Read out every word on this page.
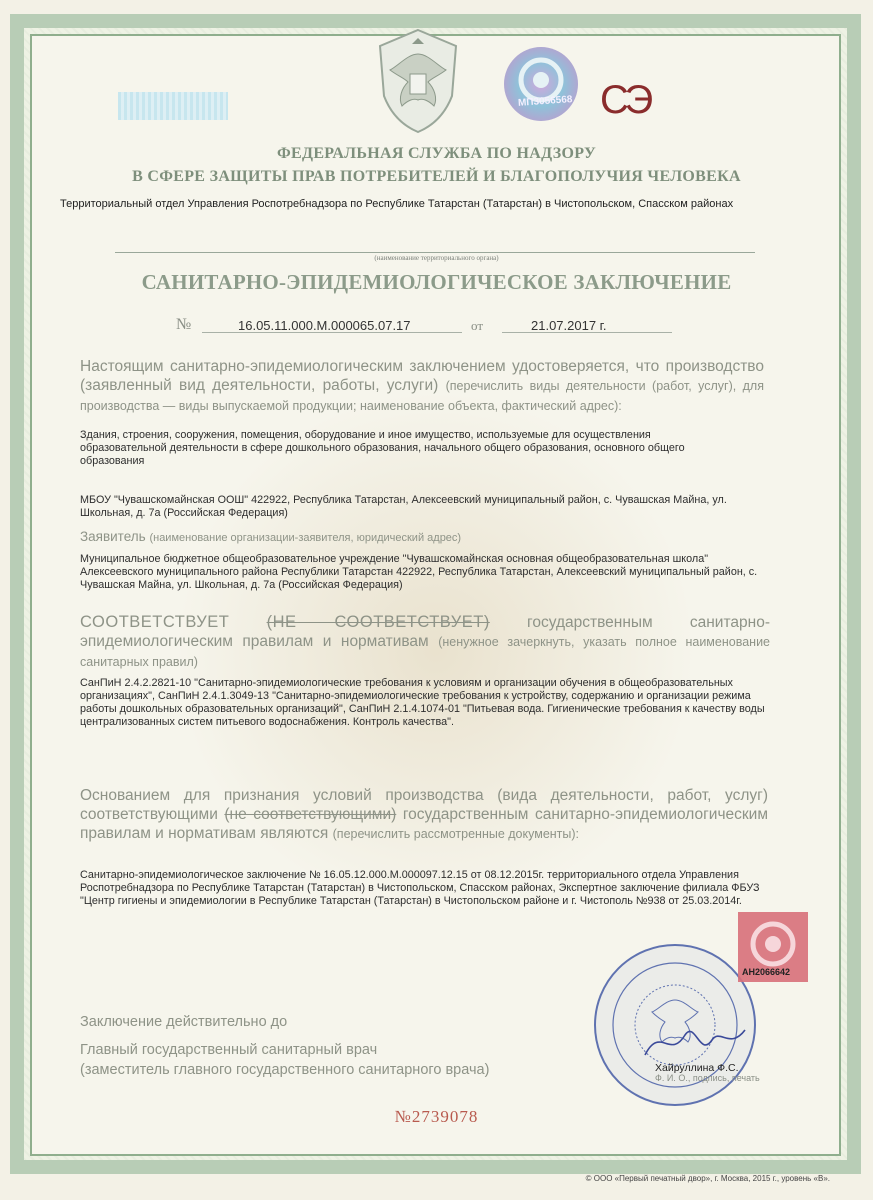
МП3056568 СЭ
ФЕДЕРАЛЬНАЯ СЛУЖБА ПО НАДЗОРУ
В СФЕРЕ ЗАЩИТЫ ПРАВ ПОТРЕБИТЕЛЕЙ И БЛАГОПОЛУЧИЯ ЧЕЛОВЕКА
Территориальный отдел Управления Роспотребнадзора по Республике Татарстан (Татарстан) в Чистопольском, Спасском районах
(наименование территориального органа)
САНИТАРНО-ЭПИДЕМИОЛОГИЧЕСКОЕ ЗАКЛЮЧЕНИЕ
№	16.05.11.000.М.000065.07.17	от	21.07.2017 г.
Настоящим санитарно-эпидемиологическим заключением удостоверяется, что производство (заявленный вид деятельности, работы, услуги) (перечислить виды деятельности (работ, услуг), для производства — виды выпускаемой продукции; наименование объекта, фактический адрес):
Здания, строения, сооружения, помещения, оборудование и иное имущество, используемые для осуществления образовательной деятельности в сфере дошкольного образования, начального общего образования, основного общего образования
МБОУ "Чувашскомайнская ООШ" 422922, Республика Татарстан, Алексеевский муниципальный район, с. Чувашская Майна, ул. Школьная, д. 7а (Российская Федерация)
Заявитель (наименование организации-заявителя, юридический адрес)
Муниципальное бюджетное общеобразовательное учреждение "Чувашскомайнская основная общеобразовательная школа" Алексеевского муниципального района Республики Татарстан 422922, Республика Татарстан, Алексеевский муниципальный район, с. Чувашская Майна, ул. Школьная, д. 7а (Российская Федерация)
СООТВЕТСТВУЕТ (НЕ СООТВЕТСТВУЕТ) государственным санитарно-эпидемиологическим правилам и нормативам (ненужное зачеркнуть, указать полное наименование санитарных правил)
СанПиН 2.4.2.2821-10 "Санитарно-эпидемиологические требования к условиям и организации обучения в общеобразовательных организациях", СанПиН 2.4.1.3049-13 "Санитарно-эпидемиологические требования к устройству, содержанию и организации режима работы дошкольных образовательных организаций", СанПиН 2.1.4.1074-01 "Питьевая вода. Гигиенические требования к качеству воды централизованных систем питьевого водоснабжения. Контроль качества".
Основанием для признания условий производства (вида деятельности, работ, услуг) соответствующими (не соответствующими) государственным санитарно-эпидемиологическим правилам и нормативам являются (перечислить рассмотренные документы):
Санитарно-эпидемиологическое заключение № 16.05.12.000.М.000097.12.15 от 08.12.2015г. территориального отдела Управления Роспотребнадзора по Республике Татарстан (Татарстан) в Чистопольском, Спасском районах, Экспертное заключение филиала ФБУЗ "Центр гигиены и эпидемиологии в Республике Татарстан (Татарстан) в Чистопольском районе и г. Чистополь №938 от 25.03.2014г.
АН2066642
Заключение действительно до
Главный государственный санитарный врач
(заместитель главного государственного санитарного врача)	Хайруллина Ф.С.
Ф. И. О., подпись, печать
№2739078
© ООО «Первый печатный двор», г. Москва, 2015 г., уровень «В».
